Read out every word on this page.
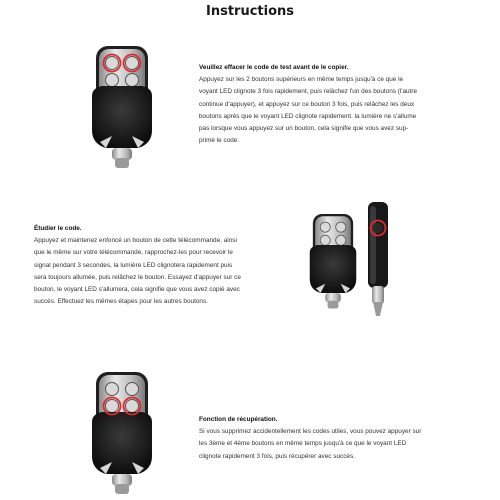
Instructions
Veuillez effacer le code de test avant de le copier.

Appuyez sur les 2 boutons supérieurs en même temps jusqu'à ce que le

voyant LED clignote 3 fois rapidement, puis relâchez l'un des boutons (l'autre

continue d'appuyer), et appuyez sur ce bouton 3 fois, puis relâchez les deux

boutons après que le voyant LED clignote rapidement. la lumière ne s'allume

pas lorsque vous appuyez sur un bouton, cela signifie que vous avez sup-

primé le code.

Étudier le code.

Appuyez et maintenez enfoncé un bouton de cette télécommande, ainsi

que le même sur votre télécommande, rapprochez-les pour recevoir le

signal pendant 3 secondes, la lumière LED clignotera rapidement puis

sera toujours allumée, puis relâchez le bouton. Essayez d'appuyer sur ce

bouton, le voyant LED s'allumera, cela signifie que vous avez copié avec

succès. Effectuez les mêmes étapes pour les autres boutons.

Fonction de récupération.

Si vous supprimez accidentellement les codes utiles, vous pouvez appuyer sur

les 3ème et 4ème boutons en même temps jusqu'à ce que le voyant LED

clignote rapidement 3 fois, puis récupérer avec succès.
